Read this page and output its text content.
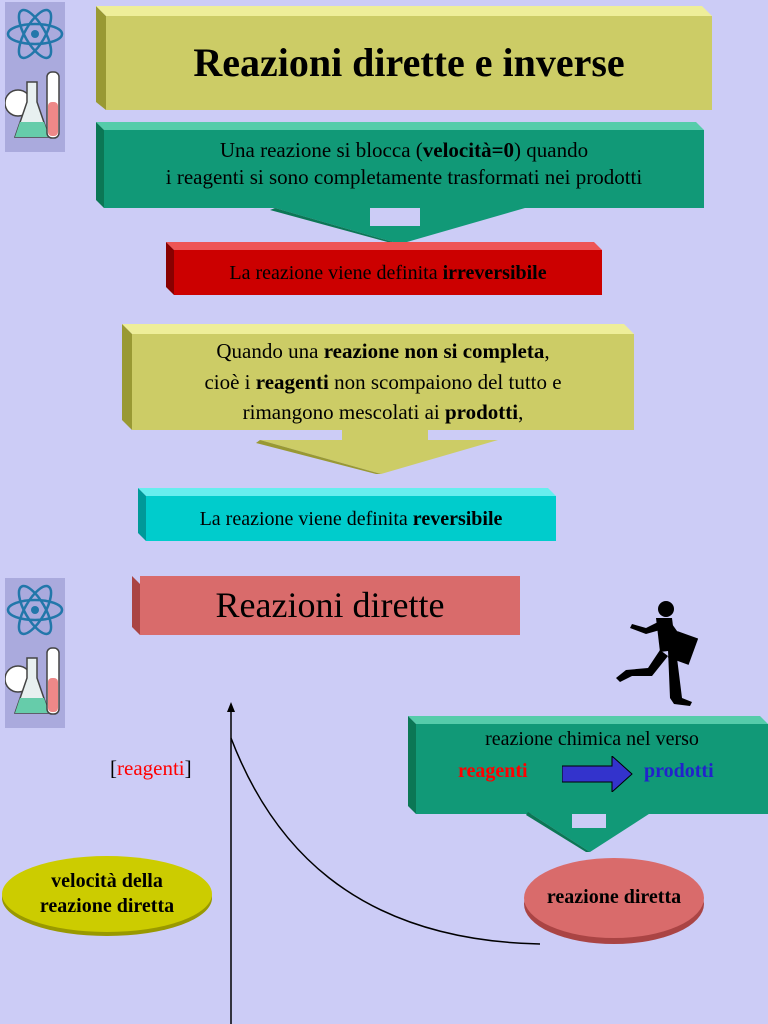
Reazioni dirette e inverse
Una reazione si blocca (velocità=0) quando
i reagenti si sono completamente trasformati nei prodotti
La reazione viene definita irreversibile
Quando una reazione non si completa,
cioè i reagenti non scompaiono del tutto e
rimangono mescolati ai prodotti,
La reazione viene definita reversibile
Reazioni dirette
[reagenti]
velocità della
reazione diretta
reazione chimica nel verso
reagenti	prodotti
reazione diretta
